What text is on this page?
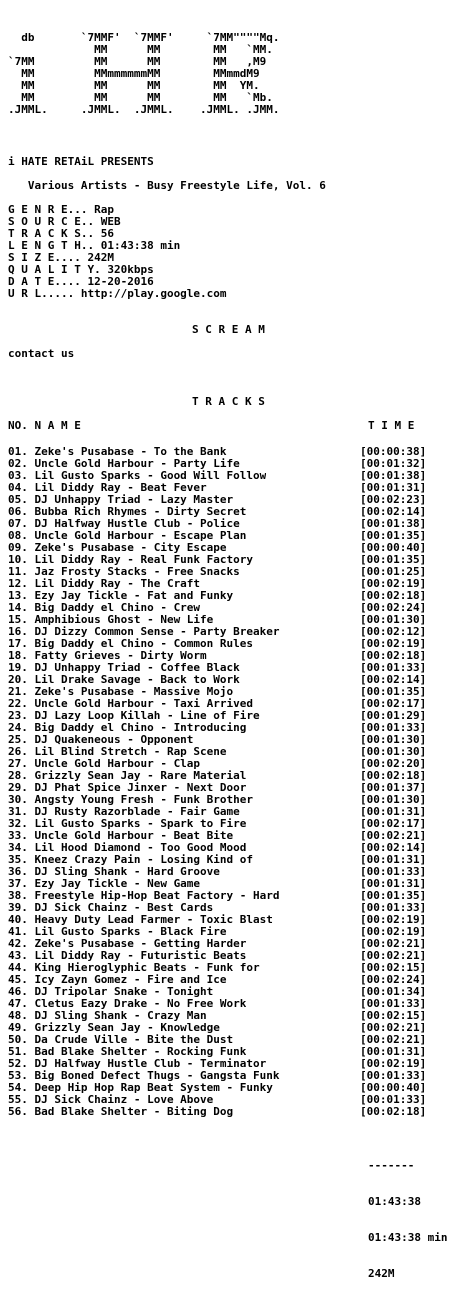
db       `7MMF'  `7MMF'     `7MM""""Mq.
MM      MM        MM   `MM.
`7MM         MM      MM        MM   ,M9
MM         MMmmmmmmMM        MMmmdM9
MM         MM      MM        MM  YM.
MM         MM      MM        MM   `Mb.
.JMML.     .JMML.  .JMML.    .JMML. .JMM.
i HATE RETAiL PRESENTS
Various Artists - Busy Freestyle Life, Vol. 6
G E N R E... Rap
S O U R C E.. WEB
T R A C K S.. 56
L E N G T H.. 01:43:38 min
S I Z E.... 242M
Q U A L I T Y. 320kbps
D A T E.... 12-20-2016
U R L..... http://play.google.com
S C R E A M
contact us
T R A C K S
NO. N A M E	T I M E
01. Zeke's Pusabase - To the Bank	[00:00:38]
02. Uncle Gold Harbour - Party Life	[00:01:32]
03. Lil Gusto Sparks - Good Will Follow	[00:01:38]
04. Lil Diddy Ray - Beat Fever	[00:01:31]
05. DJ Unhappy Triad - Lazy Master	[00:02:23]
06. Bubba Rich Rhymes - Dirty Secret	[00:02:14]
07. DJ Halfway Hustle Club - Police	[00:01:38]
08. Uncle Gold Harbour - Escape Plan	[00:01:35]
09. Zeke's Pusabase - City Escape	[00:00:40]
10. Lil Diddy Ray - Real Funk Factory	[00:01:35]
11. Jaz Frosty Stacks - Free Snacks	[00:01:25]
12. Lil Diddy Ray - The Craft	[00:02:19]
13. Ezy Jay Tickle - Fat and Funky	[00:02:18]
14. Big Daddy el Chino - Crew	[00:02:24]
15. Amphibious Ghost - New Life	[00:01:30]
16. DJ Dizzy Common Sense - Party Breaker	[00:02:12]
17. Big Daddy el Chino - Common Rules	[00:02:19]
18. Fatty Grieves - Dirty Worm	[00:02:18]
19. DJ Unhappy Triad - Coffee Black	[00:01:33]
20. Lil Drake Savage - Back to Work	[00:02:14]
21. Zeke's Pusabase - Massive Mojo	[00:01:35]
22. Uncle Gold Harbour - Taxi Arrived	[00:02:17]
23. DJ Lazy Loop Killah - Line of Fire	[00:01:29]
24. Big Daddy el Chino - Introducing	[00:01:33]
25. DJ Quakeneous - Opponent	[00:01:30]
26. Lil Blind Stretch - Rap Scene	[00:01:30]
27. Uncle Gold Harbour - Clap	[00:02:20]
28. Grizzly Sean Jay - Rare Material	[00:02:18]
29. DJ Phat Spice Jinxer - Next Door	[00:01:37]
30. Angsty Young Fresh - Funk Brother	[00:01:30]
31. DJ Rusty Razorblade - Fair Game	[00:01:31]
32. Lil Gusto Sparks - Spark to Fire	[00:02:17]
33. Uncle Gold Harbour - Beat Bite	[00:02:21]
34. Lil Hood Diamond - Too Good Mood	[00:02:14]
35. Kneez Crazy Pain - Losing Kind of	[00:01:31]
36. DJ Sling Shank - Hard Groove	[00:01:33]
37. Ezy Jay Tickle - New Game	[00:01:31]
38. Freestyle Hip-Hop Beat Factory - Hard	[00:01:35]
39. DJ Sick Chainz - Best Cards	[00:01:33]
40. Heavy Duty Lead Farmer - Toxic Blast	[00:02:19]
41. Lil Gusto Sparks - Black Fire	[00:02:19]
42. Zeke's Pusabase - Getting Harder	[00:02:21]
43. Lil Diddy Ray - Futuristic Beats	[00:02:21]
44. King Hieroglyphic Beats - Funk for	[00:02:15]
45. Icy Zayn Gomez - Fire and Ice	[00:02:24]
46. DJ Tripolar Snake - Tonight	[00:01:34]
47. Cletus Eazy Drake - No Free Work	[00:01:33]
48. DJ Sling Shank - Crazy Man	[00:02:15]
49. Grizzly Sean Jay - Knowledge	[00:02:21]
50. Da Crude Ville - Bite the Dust	[00:02:21]
51. Bad Blake Shelter - Rocking Funk	[00:01:31]
52. DJ Halfway Hustle Club - Terminator	[00:02:19]
53. Big Boned Defect Thugs - Gangsta Funk	[00:01:33]
54. Deep Hip Hop Rap Beat System - Funky	[00:00:40]
55. DJ Sick Chainz - Love Above	[00:01:33]
56. Bad Blake Shelter - Biting Dog	[00:02:18]

-------

01:43:38

01:43:38 min

242M
